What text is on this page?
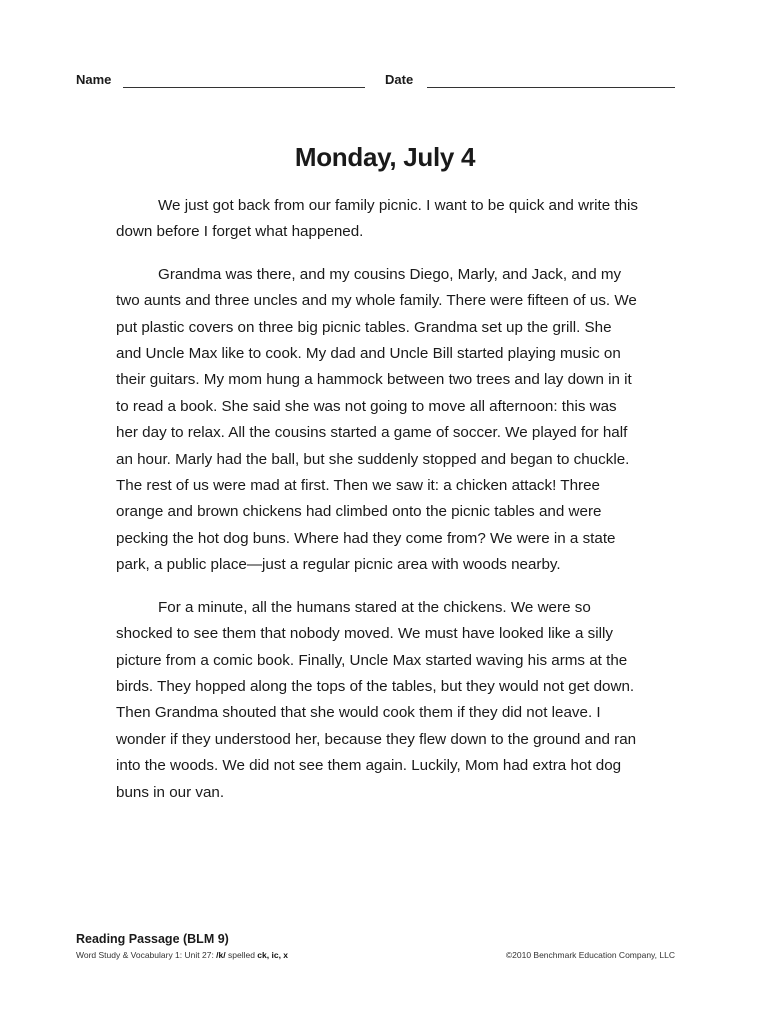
Name	Date
Monday, July 4

We just got back from our family picnic. I want to be quick and write this down before I forget what happened.

Grandma was there, and my cousins Diego, Marly, and Jack, and my two aunts and three uncles and my whole family. There were fifteen of us. We put plastic covers on three big picnic tables. Grandma set up the grill. She and Uncle Max like to cook. My dad and Uncle Bill started playing music on their guitars. My mom hung a hammock between two trees and lay down in it to read a book. She said she was not going to move all afternoon: this was her day to relax. All the cousins started a game of soccer. We played for half an hour. Marly had the ball, but she suddenly stopped and began to chuckle. The rest of us were mad at first. Then we saw it: a chicken attack! Three orange and brown chickens had climbed onto the picnic tables and were pecking the hot dog buns. Where had they come from? We were in a state park, a public place—just a regular picnic area with woods nearby.

For a minute, all the humans stared at the chickens. We were so shocked to see them that nobody moved. We must have looked like a silly picture from a comic book. Finally, Uncle Max started waving his arms at the birds. They hopped along the tops of the tables, but they would not get down. Then Grandma shouted that she would cook them if they did not leave. I wonder if they understood her, because they flew down to the ground and ran into the woods. We did not see them again. Luckily, Mom had extra hot dog buns in our van.

Reading Passage (BLM 9)
Word Study & Vocabulary 1: Unit 27: /k/ spelled ck, ic, x	©2010 Benchmark Education Company, LLC
